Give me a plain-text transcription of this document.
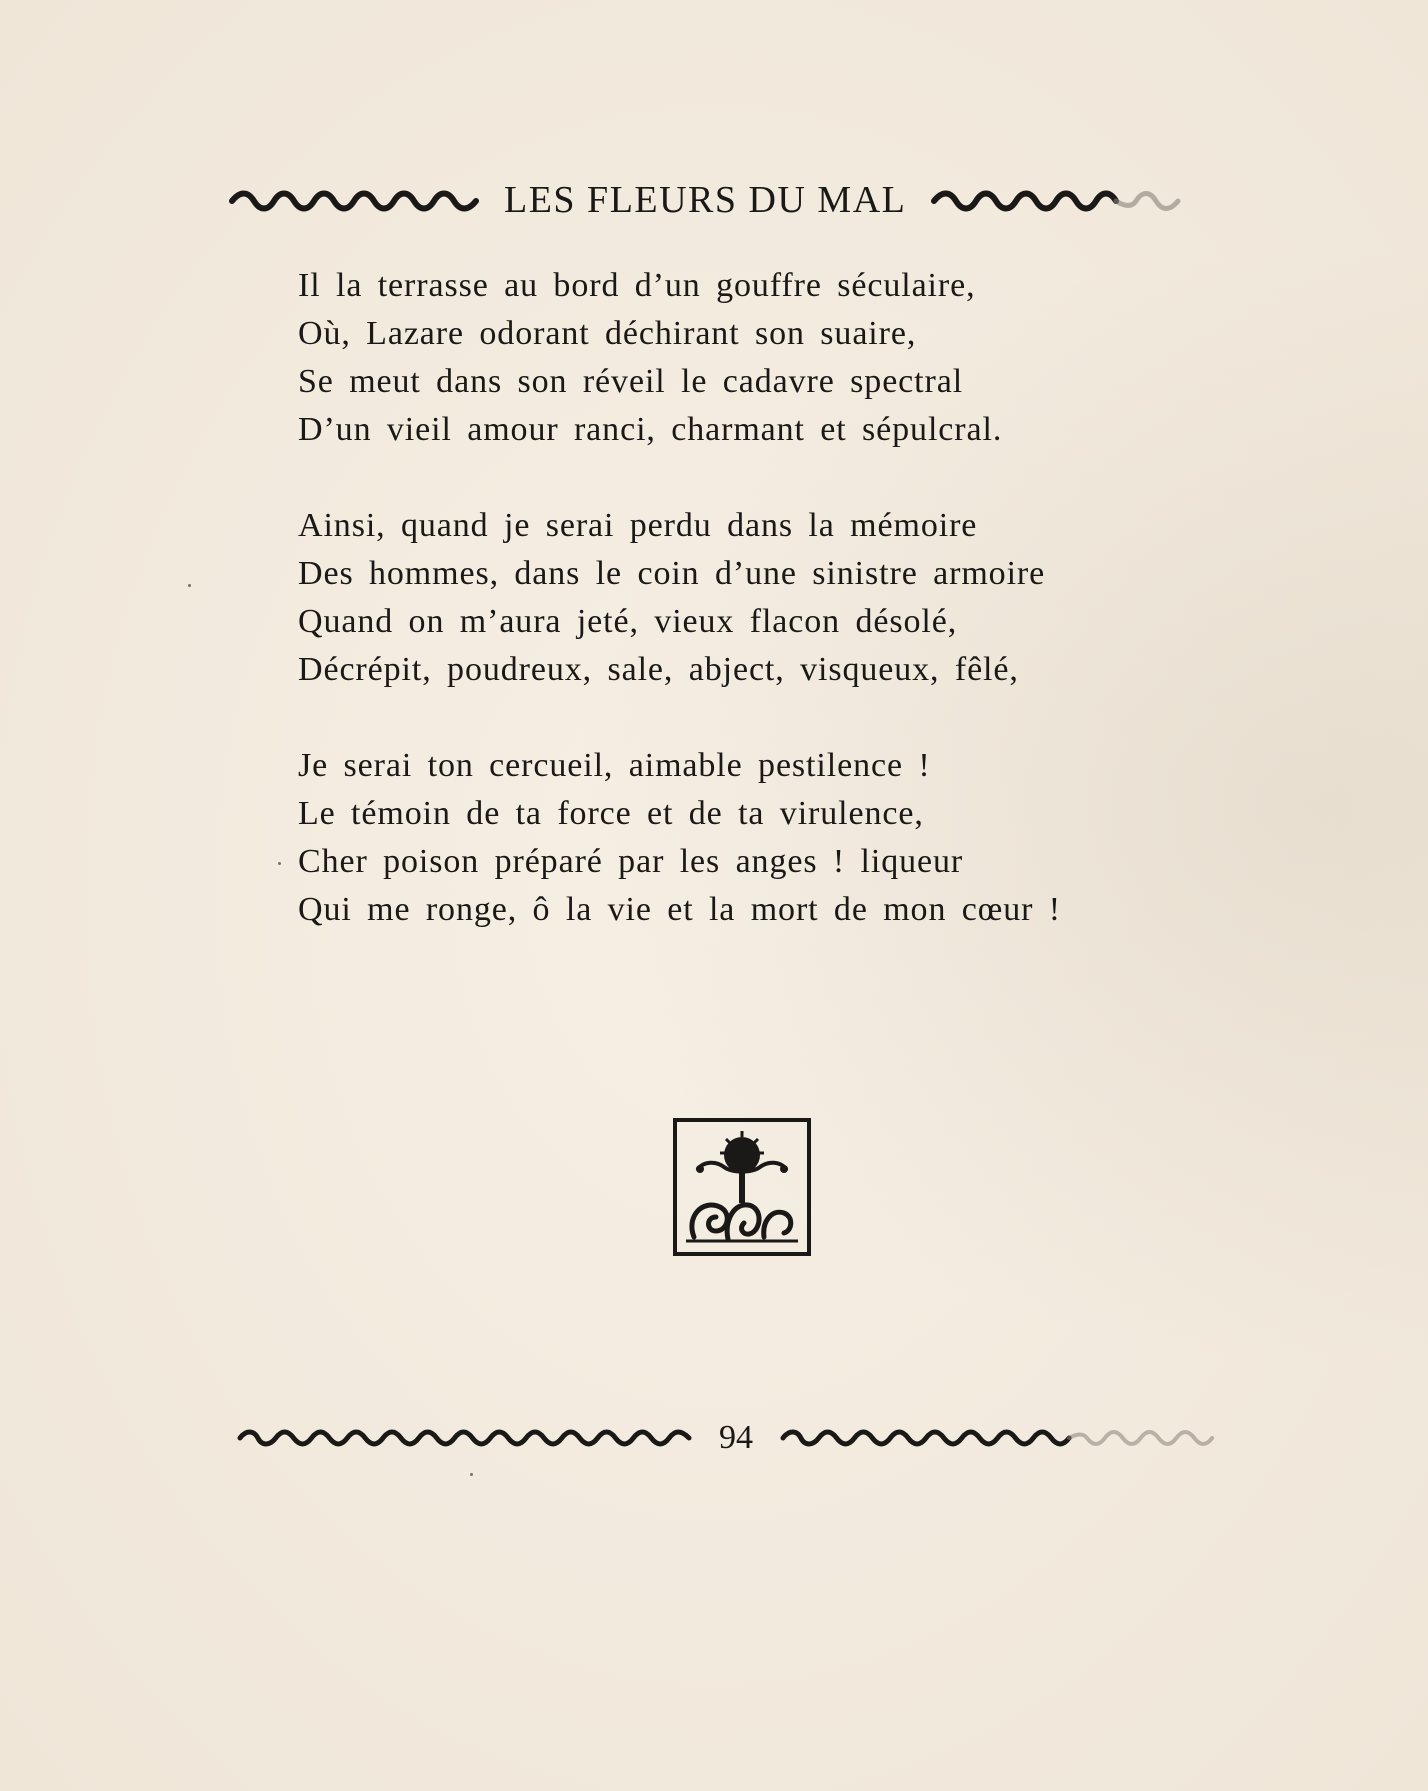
LES FLEURS DU MAL
Il la terrasse au bord d’un gouffre séculaire,
Où, Lazare odorant déchirant son suaire,
Se meut dans son réveil le cadavre spectral
D’un vieil amour ranci, charmant et sépulcral.
Ainsi, quand je serai perdu dans la mémoire
Des hommes, dans le coin d’une sinistre armoire
Quand on m’aura jeté, vieux flacon désolé,
Décrépit, poudreux, sale, abject, visqueux, fêlé,
Je serai ton cercueil, aimable pestilence !
Le témoin de ta force et de ta virulence,
Cher poison préparé par les anges ! liqueur
Qui me ronge, ô la vie et la mort de mon cœur !
94
